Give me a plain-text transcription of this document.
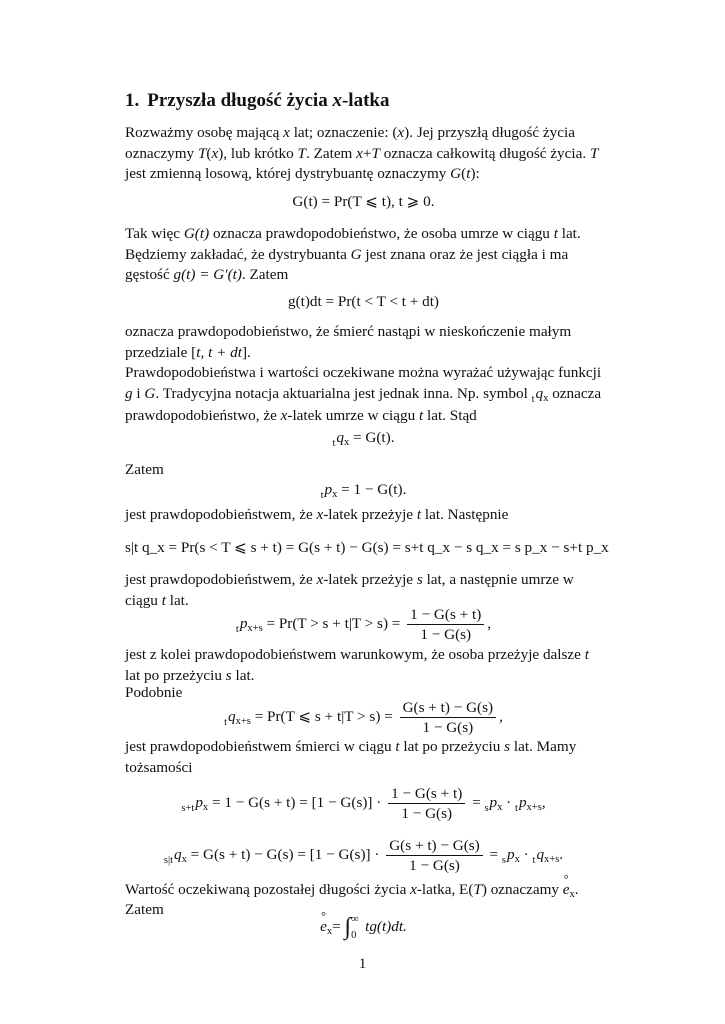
1. Przyszła długość życia x-latka

Rozważmy osobę mającą x lat; oznaczenie: (x). Jej przyszłą długość życia oznaczymy T(x), lub krótko T. Zatem x+T oznacza całkowitą długość życia. T jest zmienną losową, której dystrybuantę oznaczymy G(t):

G(t) = Pr(T ⩽ t), t ⩾ 0.

Tak więc G(t) oznacza prawdopodobieństwo, że osoba umrze w ciągu t lat. Będziemy zakładać, że dystrybuanta G jest znana oraz że jest ciągła i ma gęstość g(t) = G′(t). Zatem

g(t)dt = Pr(t < T < t + dt)

oznacza prawdopodobieństwo, że śmierć nastąpi w nieskończenie małym przedziale [t, t + dt].

Prawdopodobieństwa i wartości oczekiwane można wyrażać używając funkcji g i G. Tradycyjna notacja aktuarialna jest jednak inna. Np. symbol $_tq_x$ oznacza prawdopodobieństwo, że x-latek umrze w ciągu t lat. Stąd

$_tq_x = G(t)$.

Zatem

$_tp_x = 1 - G(t)$.

jest prawdopodobieństwem, że x-latek przeżyje t lat. Następnie

s|t q_x = Pr(s < T ⩽ s + t) = G(s + t) − G(s) = s+t q_x − s q_x = s p_x − s+t p_x

jest prawdopodobieństwem, że x-latek przeżyje s lat, a następnie umrze w ciągu t lat.

$_tp_{x+s} = Pr(T > s + t|T > s) = \frac{1 - G(s + t)}{1 - G(s)}$ ,

jest z kolei prawdopodobieństwem warunkowym, że osoba przeżyje dalsze t lat po przeżyciu s lat.

Podobnie

$_tq_{x+s} = Pr(T$ ⩽ $s + t|T > s) = \frac{G(s + t) - G(s)}{1 - G(s)}$ ,

jest prawdopodobieństwem śmierci w ciągu t lat po przeżyciu s lat. Mamy tożsamości

$_{s+t}p_x = 1 - G(s + t) = [1 - G(s)] \cdot \frac{1 - G(s + t)}{1 - G(s)} = _sp_x \cdot _tp_{x+s}$,
$_{s|t}q_x = G(s + t) - G(s) = [1 - G(s)] \cdot \frac{G(s + t) - G(s)}{1 - G(s)} = _sp_x \cdot _tq_{x+s}$.

Wartość oczekiwaną pozostałej długości życia x-latka, E(T) oznaczamy ° $e_x$.

Zatem

° $e_x=$ ∫ ∞
0
tg(t)dt.
1
